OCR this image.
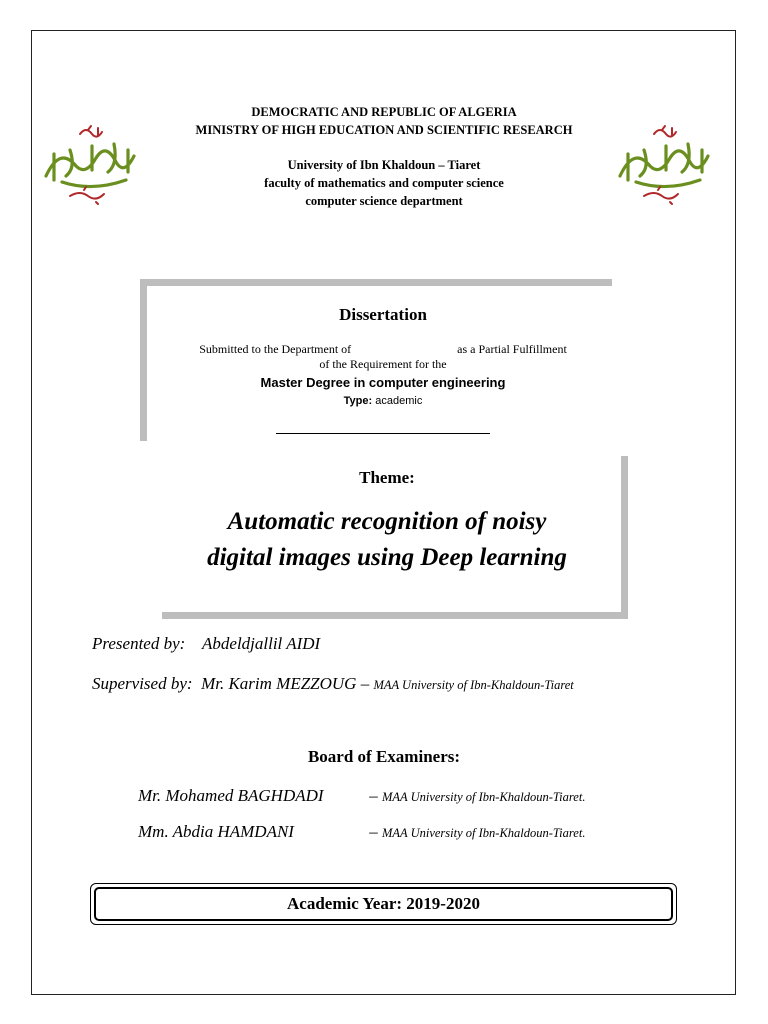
DEMOCRATIC AND REPUBLIC OF ALGERIA
MINISTRY OF HIGH EDUCATION AND SCIENTIFIC RESEARCH
University of Ibn Khaldoun – Tiaret
faculty of mathematics and computer science
computer science department
Dissertation
Submitted to the Department of	as a Partial Fulfillment
of the Requirement for the
Master Degree in computer engineering
Type: academic
Theme:
Automatic recognition of noisy
digital images using Deep learning
Presented by: Abdeldjallil AIDI
Supervised by: Mr. Karim MEZZOUG – MAA University of Ibn-Khaldoun-Tiaret
Board of Examiners:
Mr. Mohamed BAGHDADI	– MAA University of Ibn-Khaldoun-Tiaret.
Mm. Abdia HAMDANI	– MAA University of Ibn-Khaldoun-Tiaret.
Academic Year: 2019-2020
